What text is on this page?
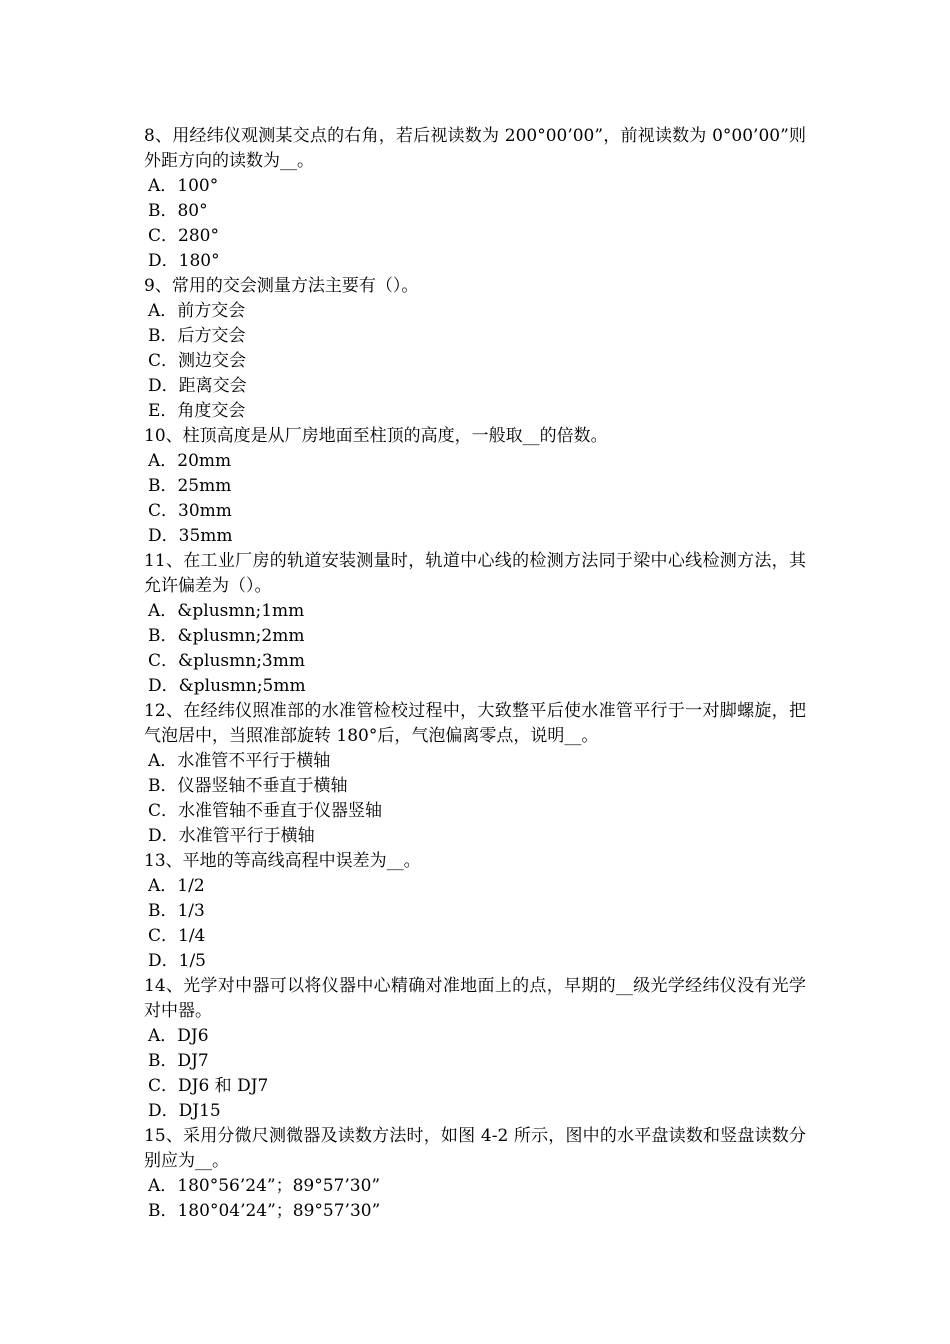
8、用经纬仪观测某交点的右角，若后视读数为 200°00’00”，前视读数为 0°00’00”则外距方向的读数为__。

A．100°

B．80°

C．280°

D．180°

9、常用的交会测量方法主要有（）。

A．前方交会

B．后方交会

C．测边交会

D．距离交会

E．角度交会

10、柱顶高度是从厂房地面至柱顶的高度，一般取__的倍数。

A．20mm

B．25mm

C．30mm

D．35mm

11、在工业厂房的轨道安装测量时，轨道中心线的检测方法同于梁中心线检测方法，其允许偏差为（）。

A．&plusmn;1mm

B．&plusmn;2mm

C．&plusmn;3mm

D．&plusmn;5mm

12、在经纬仪照准部的水准管检校过程中，大致整平后使水准管平行于一对脚螺旋，把气泡居中，当照准部旋转 180°后，气泡偏离零点，说明__。

A．水准管不平行于横轴

B．仪器竖轴不垂直于横轴

C．水准管轴不垂直于仪器竖轴

D．水准管平行于横轴

13、平地的等高线高程中误差为__。

A．1/2

B．1/3

C．1/4

D．1/5

14、光学对中器可以将仪器中心精确对准地面上的点，早期的__级光学经纬仪没有光学对中器。

A．DJ6

B．DJ7

C．DJ6 和 DJ7

D．DJ15

15、采用分微尺测微器及读数方法时，如图 4-2 所示，图中的水平盘读数和竖盘读数分别应为__。

A．180°56’24”；89°57’30”

B．180°04’24”；89°57’30”
